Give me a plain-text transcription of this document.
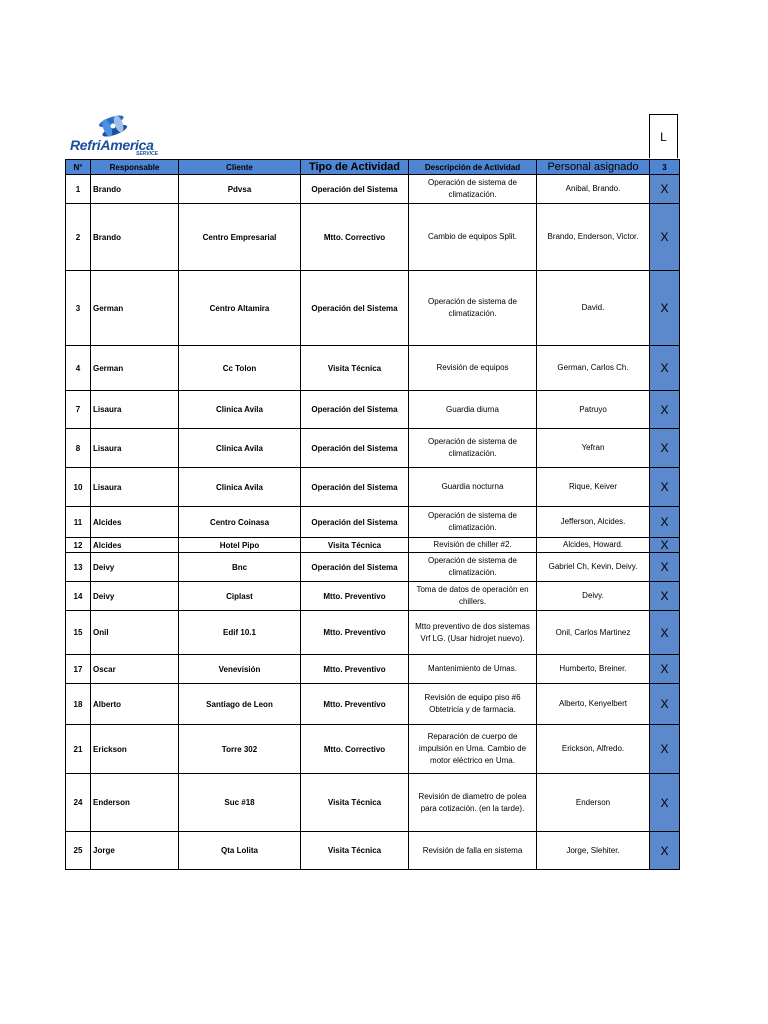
RefriAmerica
SERVICE
L
N°	Responsable	Cliente	Tipo de Actividad	Descripción de Actividad	Personal asignado	3
1	Brando	Pdvsa	Operación del Sistema	Operación de sistema de climatización.	Anibal, Brando.	X
2	Brando	Centro Empresarial	Mtto. Correctivo	Cambio de equipos Split.	Brando, Enderson, Victor.	X
3	German	Centro Altamira	Operación del Sistema	Operación de sistema de climatización.	David.	X
4	German	Cc Tolon	Visita Técnica	Revisión de equipos	German, Carlos Ch.	X
7	Lisaura	Clinica Avila	Operación del Sistema	Guardia diurna	Patruyo	X
8	Lisaura	Clinica Avila	Operación del Sistema	Operación de sistema de climatización.	Yefran	X
10	Lisaura	Clinica Avila	Operación del Sistema	Guardia nocturna	Rique, Keiver	X
11	Alcides	Centro Coinasa	Operación del Sistema	Operación de sistema de climatización.	Jefferson, Alcides.	X
12	Alcides	Hotel Pipo	Visita Técnica	Revisión de chiller #2.	Alcides, Howard.	X
13	Deivy	Bnc	Operación del Sistema	Operación de sistema de climatización.	Gabriel Ch, Kevin, Deivy.	X
14	Deivy	Ciplast	Mtto. Preventivo	Toma de datos de operación en chillers.	Deivy.	X
15	Onil	Edif 10.1	Mtto. Preventivo	Mtto preventivo de dos sistemas Vrf LG. (Usar hidrojet nuevo).	Onil, Carlos Martinez	X
17	Oscar	Venevisión	Mtto. Preventivo	Mantenimiento de Umas.	Humberto, Breiner.	X
18	Alberto	Santiago de Leon	Mtto. Preventivo	Revisión de equipo piso #6 Obtetricia y de farmacia.	Alberto, Kenyelbert	X
21	Erickson	Torre 302	Mtto. Correctivo	Reparación de cuerpo de impulsión en Uma. Cambio de motor eléctrico en Uma.	Erickson, Alfredo.	X
24	Enderson	Suc #18	Visita Técnica	Revisión de diametro de polea para cotización. (en la tarde).	Enderson	X
25	Jorge	Qta Lolita	Visita Técnica	Revisión de falla en sistema	Jorge, Slehiter.	X
